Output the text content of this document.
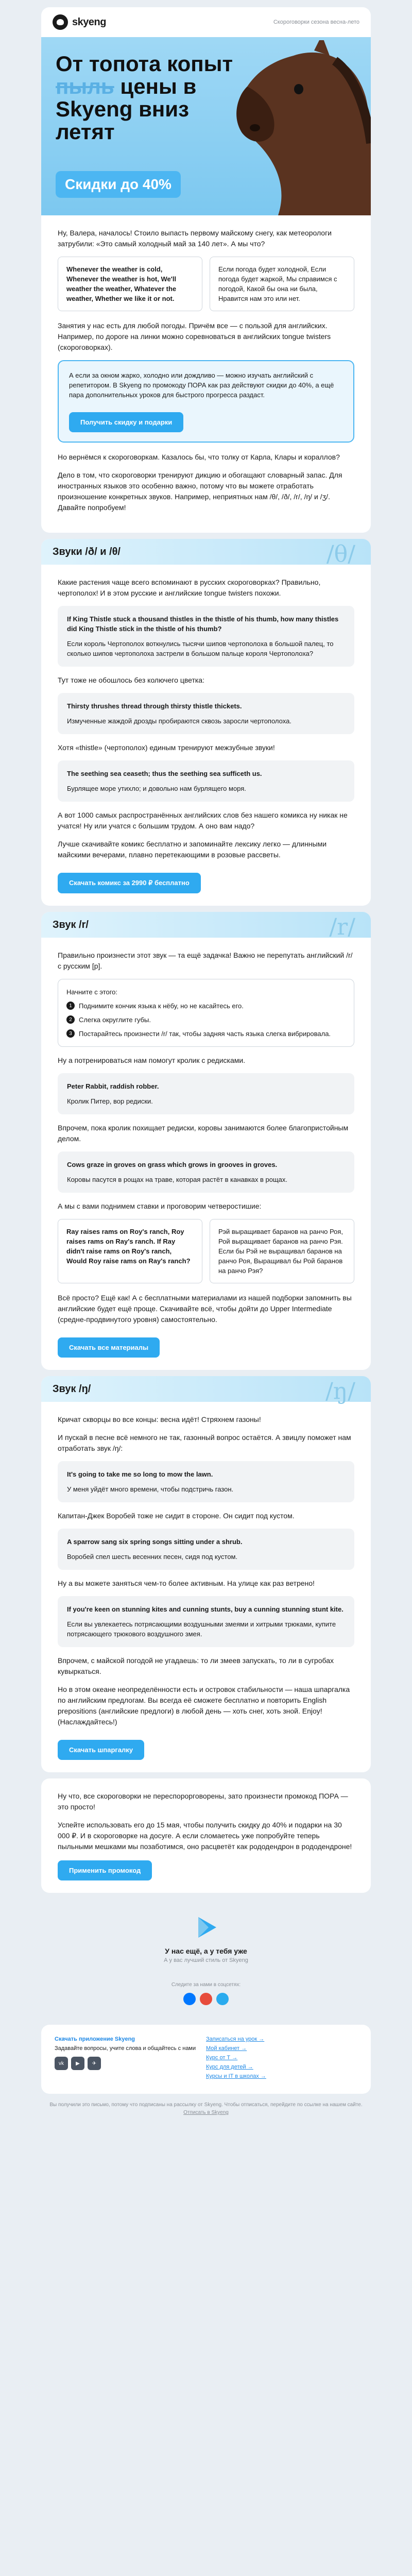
skyeng	Скороговорки сезона весна-лето
От топота копыт пыль цены в Skyeng вниз летят
Скидки до 40%

Ну, Валера, началось! Стоило выпасть первому майскому снегу, как метеорологи затрубили: «Это самый холодный май за 140 лет». А мы что?

Whenever the weather is cold, Whenever the weather is hot, We'll weather the weather, Whatever the weather, Whether we like it or not.
Если погода будет холодной, Если погода будет жаркой, Мы справимся с погодой, Какой бы она ни была, Нравится нам это или нет.

Занятия у нас есть для любой погоды. Причём все — с пользой для английских. Например, по дороге на линки можно соревноваться в английских tongue twisters (скороговорках).

А если за окном жарко, холодно или дождливо — можно изучать английский с репетитором. В Skyeng по промокоду ПОРА как раз действуют скидки до 40%, а ещё пара дополнительных уроков для быстрого прогресса раздаст.

Получить скидку и подарки

Но вернёмся к скороговоркам. Казалось бы, что толку от Карла, Клары и кораллов?

Дело в том, что скороговорки тренируют дикцию и обогащают словарный запас. Для иностранных языков это особенно важно, потому что вы можете отработать произношение конкретных звуков. Например, неприятных нам /θ/, /ð/, /r/, /ŋ/ и /ʒ/. Давайте попробуем!

Звуки /ð/ и /θ/	/θ/

Какие растения чаще всего вспоминают в русских скороговорках? Правильно, чертополох! И в этом русские и английские tongue twisters похожи.

If King Thistle stuck a thousand thistles in the thistle of his thumb, how many thistles did King Thistle stick in the thistle of his thumb?
Если король Чертополох воткнулись тысячи шипов чертополоха в большой палец, то сколько шипов чертополоха застрели в большом пальце короля Чертополоха?

Тут тоже не обошлось без колючего цветка:

Thirsty thrushes thread through thirsty thistle thickets.
Измученные жаждой дрозды пробираются сквозь заросли чертополоха.

Хотя «thistle» (чертополох) единым тренируют межзубные звуки!

The seething sea ceaseth; thus the seething sea sufficeth us.
Бурлящее море утихло; и довольно нам бурлящего моря.

А вот 1000 самых распространённых английских слов без нашего комикса ну никак не учатся! Ну или учатся с большим трудом. А оно вам надо?

Лучше скачивайте комикс бесплатно и запоминайте лексику легко — длинными майскими вечерами, плавно перетекающими в розовые рассветы.

Скачать комикс за 2990 ₽ бесплатно
Звук /r/	/r/

Правильно произнести этот звук — та ещё задачка! Важно не перепутать английский /r/ с русским [р].

Начните с этого:
1	Поднимите кончик языка к нёбу, но не касайтесь его.
2	Слегка округлите губы.
3	Постарайтесь произнести /r/ так, чтобы задняя часть языка слегка вибрировала.

Ну а потренироваться нам помогут кролик с редисками.

Peter Rabbit, raddish robber.
Кролик Питер, вор редиски.

Впрочем, пока кролик похищает редиски, коровы занимаются более благопристойным делом.

Cows graze in groves on grass which grows in grooves in groves.
Коровы пасутся в рощах на траве, которая растёт в канавках в рощах.

А мы с вами поднимем ставки и проговорим четверостишие:

Ray raises rams on Roy's ranch, Roy raises rams on Ray's ranch. If Ray didn't raise rams on Roy's ranch, Would Roy raise rams on Ray's ranch?
Рэй выращивает баранов на ранчо Роя, Рой выращивает баранов на ранчо Рэя. Если бы Рэй не выращивал баранов на ранчо Роя, Выращивал бы Рой баранов на ранчо Рэя?

Всё просто? Ещё как! А с бесплатными материалами из нашей подборки запомнить вы английские будет ещё проще. Скачивайте всё, чтобы дойти до Upper Intermediate (средне-продвинутого уровня) самостоятельно.

Скачать все материалы
Звук /ŋ/	/ŋ/

Кричат скворцы во все концы: весна идёт! Стряхнем газоны!

И пускай в песне всё немного не так, газонный вопрос остаётся. А звицлу поможет нам отработать звук /ŋ/:

It's going to take me so long to mow the lawn.
У меня уйдёт много времени, чтобы подстричь газон.

Капитан-Джек Воробей тоже не сидит в стороне. Он сидит под кустом.

A sparrow sang six spring songs sitting under a shrub.
Воробей спел шесть весенних песен, сидя под кустом.

Ну а вы можете заняться чем-то более активным. На улице как раз ветрено!

If you're keen on stunning kites and cunning stunts, buy a cunning stunning stunt kite.
Если вы увлекаетесь потрясающими воздушными змеями и хитрыми трюками, купите потрясающего трюкового воздушного змея.

Впрочем, с майской погодой не угадаешь: то ли змеев запускать, то ли в сугробах кувыркаться.

Но в этом океане неопределённости есть и островок стабильности — наша шпаргалка по английским предлогам. Вы всегда её сможете бесплатно и повторить English prepositions (английские предлоги) в любой день — хоть снег, хоть зной. Enjoy! (Наслаждайтесь!)

Скачать шпаргалку

Ну что, все скороговорки не переспорорговорены, зато произнести промокод ПОРА — это просто!

Успейте использовать его до 15 мая, чтобы получить скидку до 40% и подарки на 30 000 ₽. И в скороговорке на досуге. А если сломаетесь уже попробуйте теперь пыльными мешками мы позаботимся, оно расцветёт как рододендрон в рододендроне!

Применить промокод
У нас ещё, а у тебя уже
А у вас лучший стиль от Skyeng
Следите за нами в соцсетях:
Скачать приложение Skyeng
Задавайте вопросы, учите слова и общайтесь с нами
vk	▶	✈
Записаться на урок →
Мой кабинет →
Курс от Т →
Курс для детей →
Курсы и IT в школах →
Вы получили это письмо, потому что подписаны на рассылку от Skyeng. Чтобы отписаться, перейдите по ссылке на нашем сайте.
Отписать в Skyeng
